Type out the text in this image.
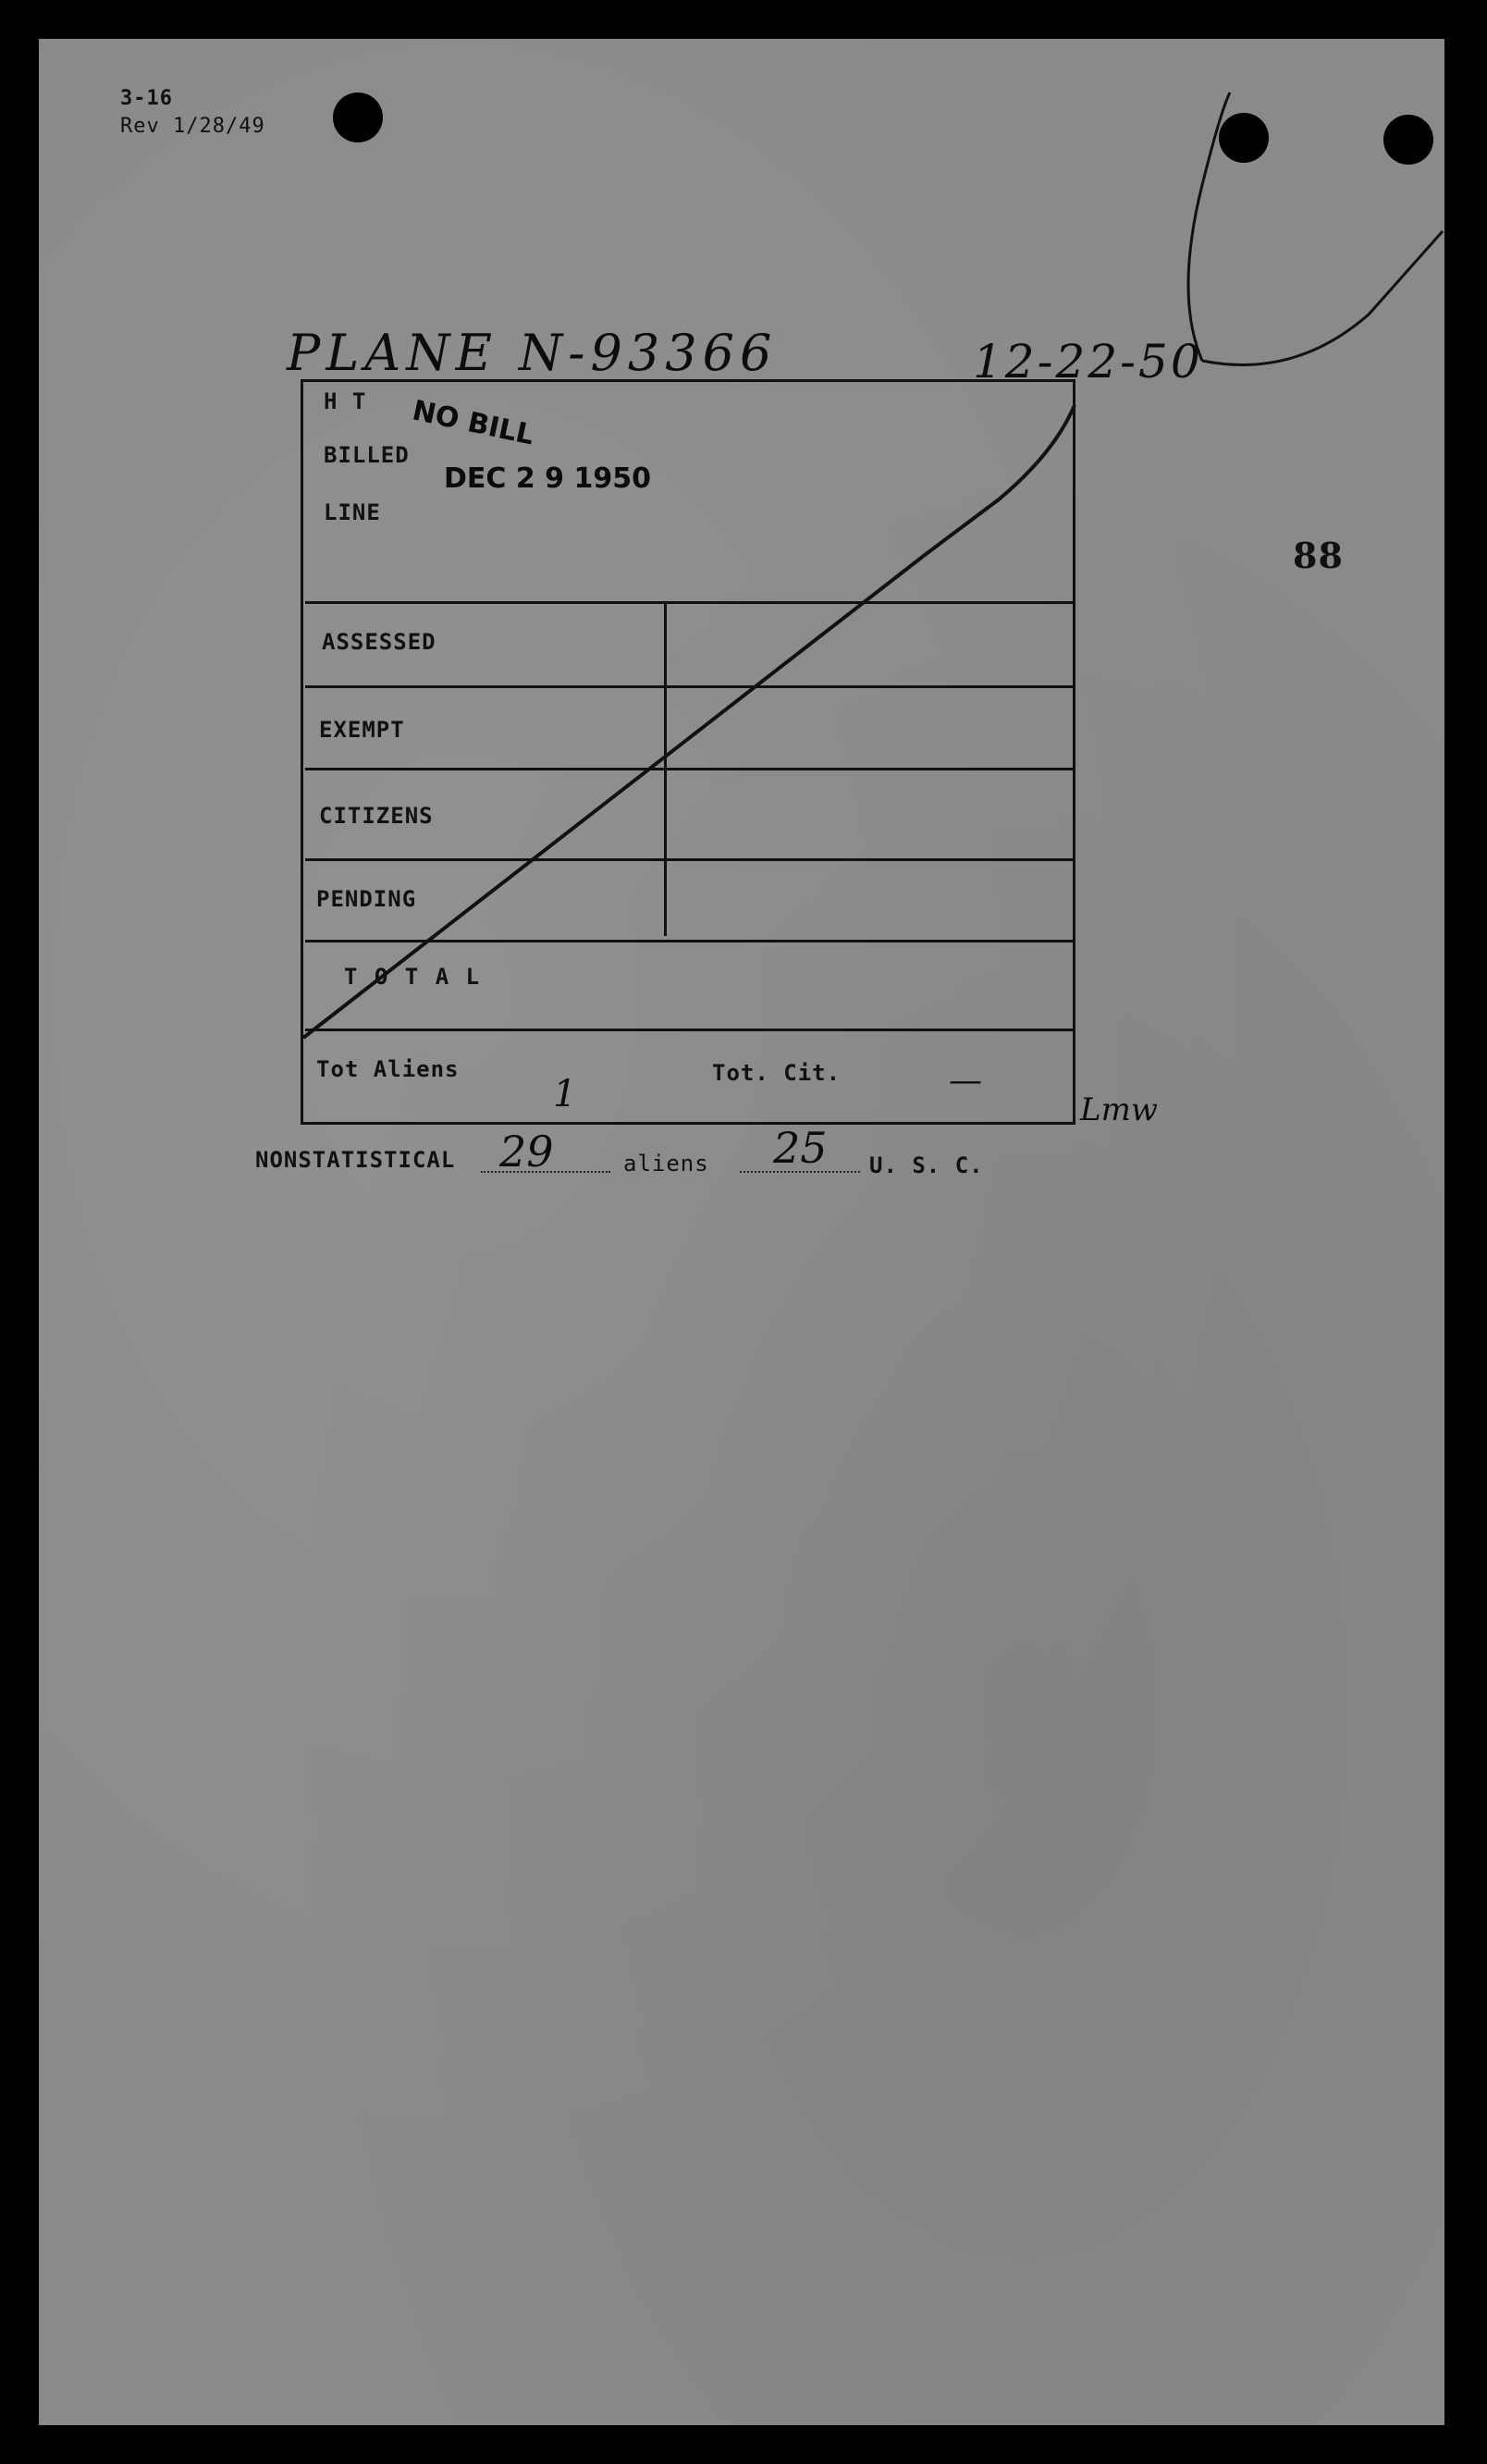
3-16
Rev 1/28/49
PLANE N-93366	12-22-50
88
H T
BILLED
LINE
NO BILL
DEC 2 9 1950
ASSESSED
EXEMPT
CITIZENS
PENDING
T O T A L
Tot Aliens
1	Tot. Cit.	—
Lmw
NONSTATISTICAL 29	aliens 25 U. S. C.
